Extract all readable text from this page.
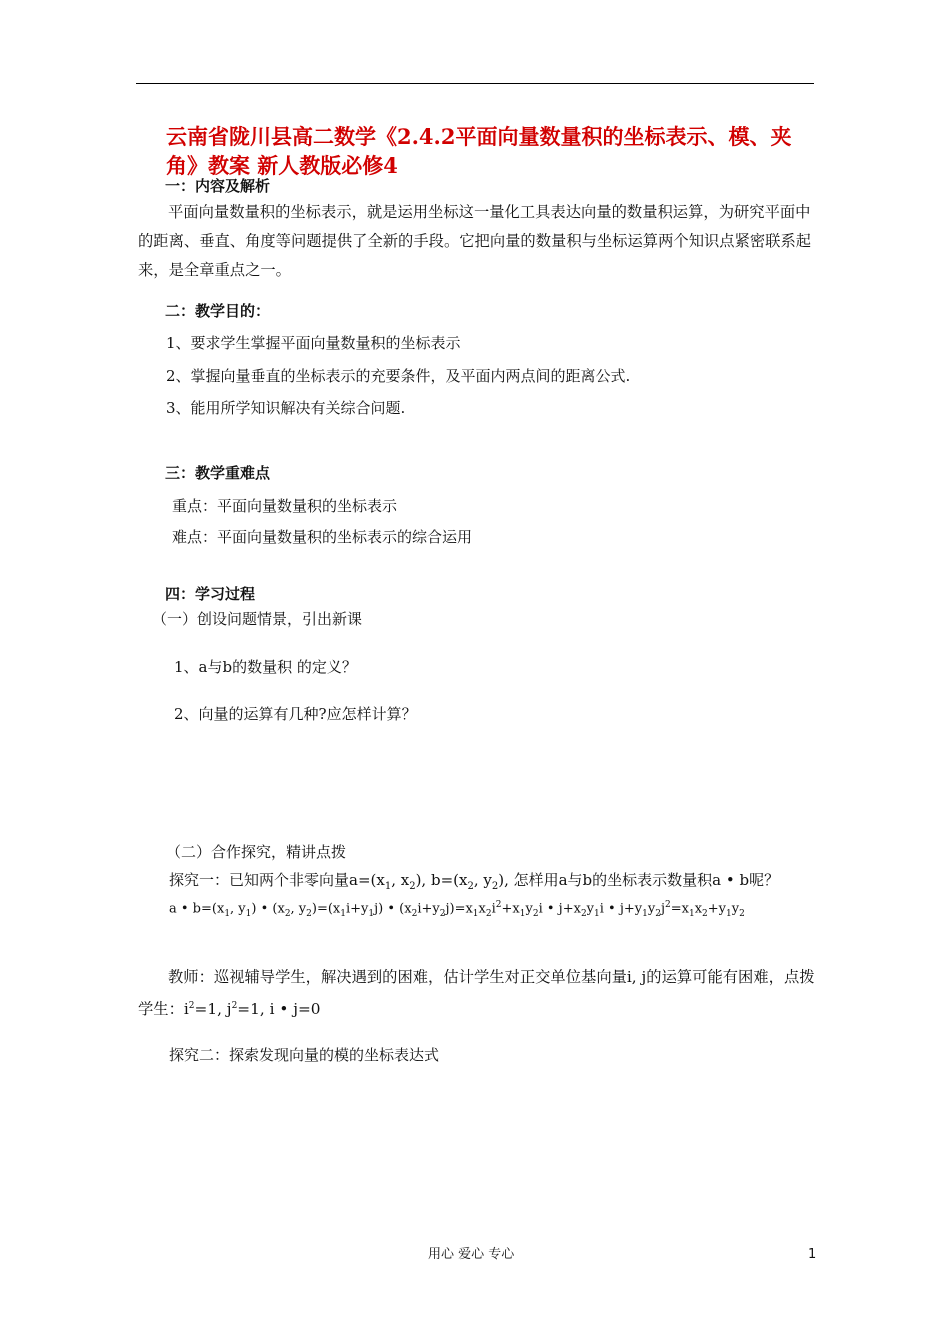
云南省陇川县高二数学《2.4.2平面向量数量积的坐标表示、模、夹角》教案 新人教版必修4
一：内容及解析

平面向量数量积的坐标表示，就是运用坐标这一量化工具表达向量的数量积运算，为研究平面中的距离、垂直、角度等问题提供了全新的手段。它把向量的数量积与坐标运算两个知识点紧密联系起来，是全章重点之一。

二：教学目的：
1、要求学生掌握平面向量数量积的坐标表示
2、掌握向量垂直的坐标表示的充要条件，及平面内两点间的距离公式.
3、能用所学知识解决有关综合问题.
三：教学重难点
重点：平面向量数量积的坐标表示
难点：平面向量数量积的坐标表示的综合运用
四：学习过程
（一）创设问题情景，引出新课
1、a与b的数量积 的定义？
2、向量的运算有几种?应怎样计算？
（二）合作探究，精讲点拨
探究一：已知两个非零向量$a=(x_1$, $x_2$), $b=(x_2$, $y_2$), 怎样用a与b的坐标表示数量积a • b呢？
a • $b=(x_1$, $y_1$) • ($x_2$, $y_2)=(x_1i+y_1j)$ • $(x_2i+y_2j)=x_1x_2i^2+x_1y_2i$ • $j+x_2y_1i$ • $j+y_1y_2j^2=x_1x_2+y_1y_2$

教师：巡视辅导学生，解决遇到的困难，估计学生对正交单位基向量i, j的运算可能有困难，点拨学生：$i^2=1$, $j^2=1$, i • j=0

探究二：探索发现向量的模的坐标表达式
用心 爱心 专心	1
